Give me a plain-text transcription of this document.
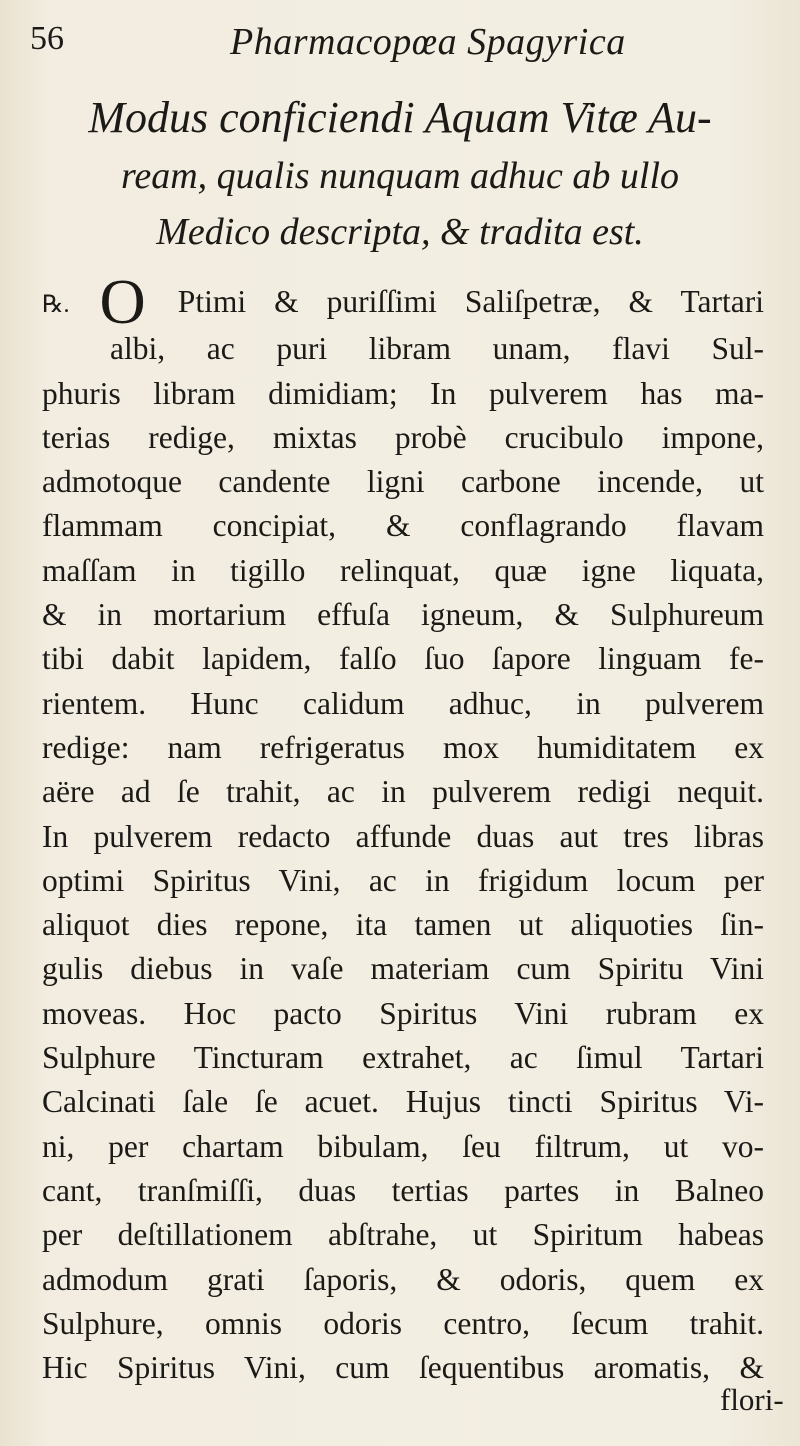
56	Pharmacopœa Spagyrica
Modus conficiendi Aquam Vitæ Au-
ream, qualis nunquam adhuc ab ullo
Medico descripta, & tradita est.
℞. O Ptimi & puriſſimi Saliſpetræ, & Tartari
albi, ac puri libram unam, flavi Sul-
phuris libram dimidiam; In pulverem has ma-
terias redige, mixtas probè crucibulo impone,
admotoque candente ligni carbone incende, ut
flammam concipiat, & conflagrando flavam
maſſam in tigillo relinquat, quæ igne liquata,
& in mortarium effuſa igneum, & Sulphureum
tibi dabit lapidem, falſo ſuo ſapore linguam fe-
rientem. Hunc calidum adhuc, in pulverem
redige: nam refrigeratus mox humiditatem ex
aëre ad ſe trahit, ac in pulverem redigi nequit.
In pulverem redacto affunde duas aut tres libras
optimi Spiritus Vini, ac in frigidum locum per
aliquot dies repone, ita tamen ut aliquoties ſin-
gulis diebus in vaſe materiam cum Spiritu Vini
moveas. Hoc pacto Spiritus Vini rubram ex
Sulphure Tincturam extrahet, ac ſimul Tartari
Calcinati ſale ſe acuet. Hujus tincti Spiritus Vi-
ni, per chartam bibulam, ſeu filtrum, ut vo-
cant, tranſmiſſi, duas tertias partes in Balneo
per deſtillationem abſtrahe, ut Spiritum habeas
admodum grati ſaporis, & odoris, quem ex
Sulphure, omnis odoris centro, ſecum trahit.
Hic Spiritus Vini, cum ſequentibus aromatis, &
flori-
